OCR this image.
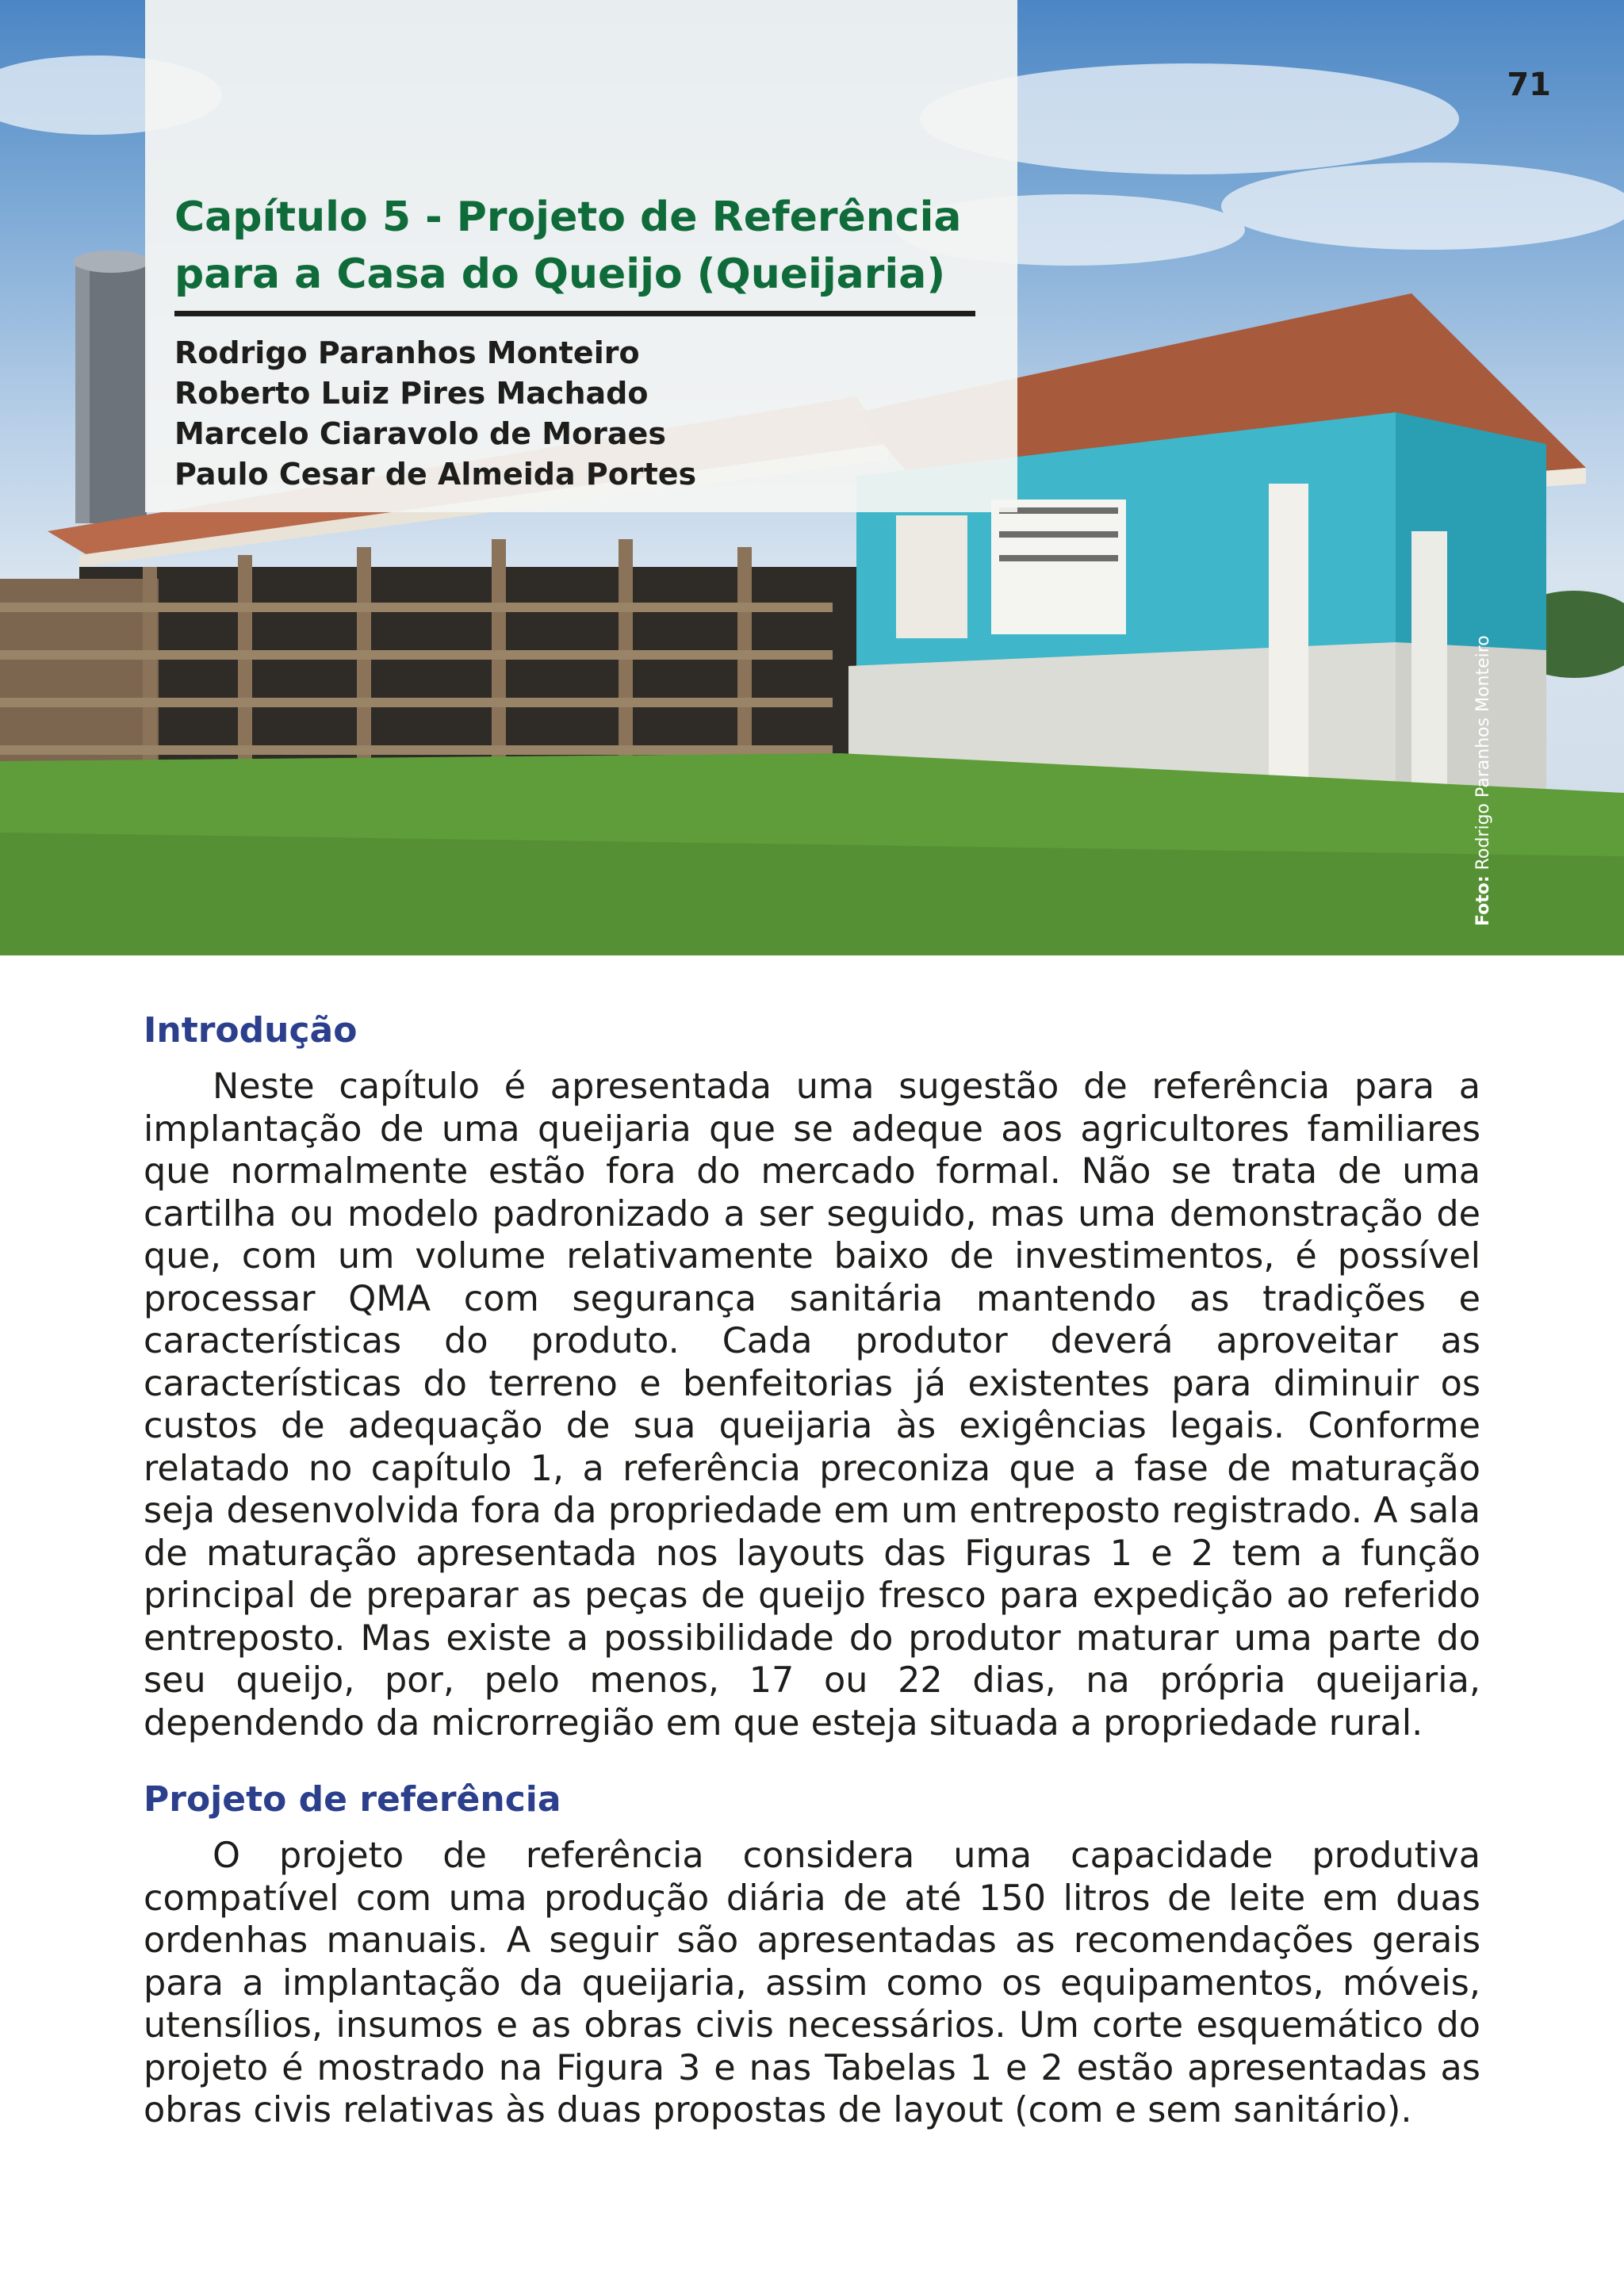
71
Capítulo 5 - Projeto de Referência para a Casa do Queijo (Queijaria)
Rodrigo Paranhos Monteiro
Roberto Luiz Pires Machado
Marcelo Ciaravolo de Moraes
Paulo Cesar de Almeida Portes
Foto: Rodrigo Paranhos Monteiro
Introdução

Neste capítulo é apresentada uma sugestão de referência para a implantação de uma queijaria que se adeque aos agricultores familiares que normalmente estão fora do mercado formal. Não se trata de uma cartilha ou modelo padronizado a ser seguido, mas uma demonstração de que, com um volume relativamente baixo de investimentos, é possível processar QMA com segurança sanitária mantendo as tradições e características do produto. Cada produtor deverá aproveitar as características do terreno e benfeitorias já existentes para diminuir os custos de adequação de sua queijaria às exigências legais. Conforme relatado no capítulo 1, a referência preconiza que a fase de maturação seja desenvolvida fora da propriedade em um entreposto registrado. A sala de maturação apresentada nos layouts das Figuras 1 e 2 tem a função principal de preparar as peças de queijo fresco para expedição ao referido entreposto. Mas existe a possibilidade do produtor maturar uma parte do seu queijo, por, pelo menos, 17 ou 22 dias, na própria queijaria, dependendo da microrregião em que esteja situada a propriedade rural.

Projeto de referência

O projeto de referência considera uma capacidade produtiva compatível com uma produção diária de até 150 litros de leite em duas ordenhas manuais. A seguir são apresentadas as recomendações gerais para a implantação da queijaria, assim como os equipamentos, móveis, utensílios, insumos e as obras civis necessários. Um corte esquemático do projeto é mostrado na Figura 3 e nas Tabelas 1 e 2 estão apresentadas as obras civis relativas às duas propostas de layout (com e sem sanitário).
